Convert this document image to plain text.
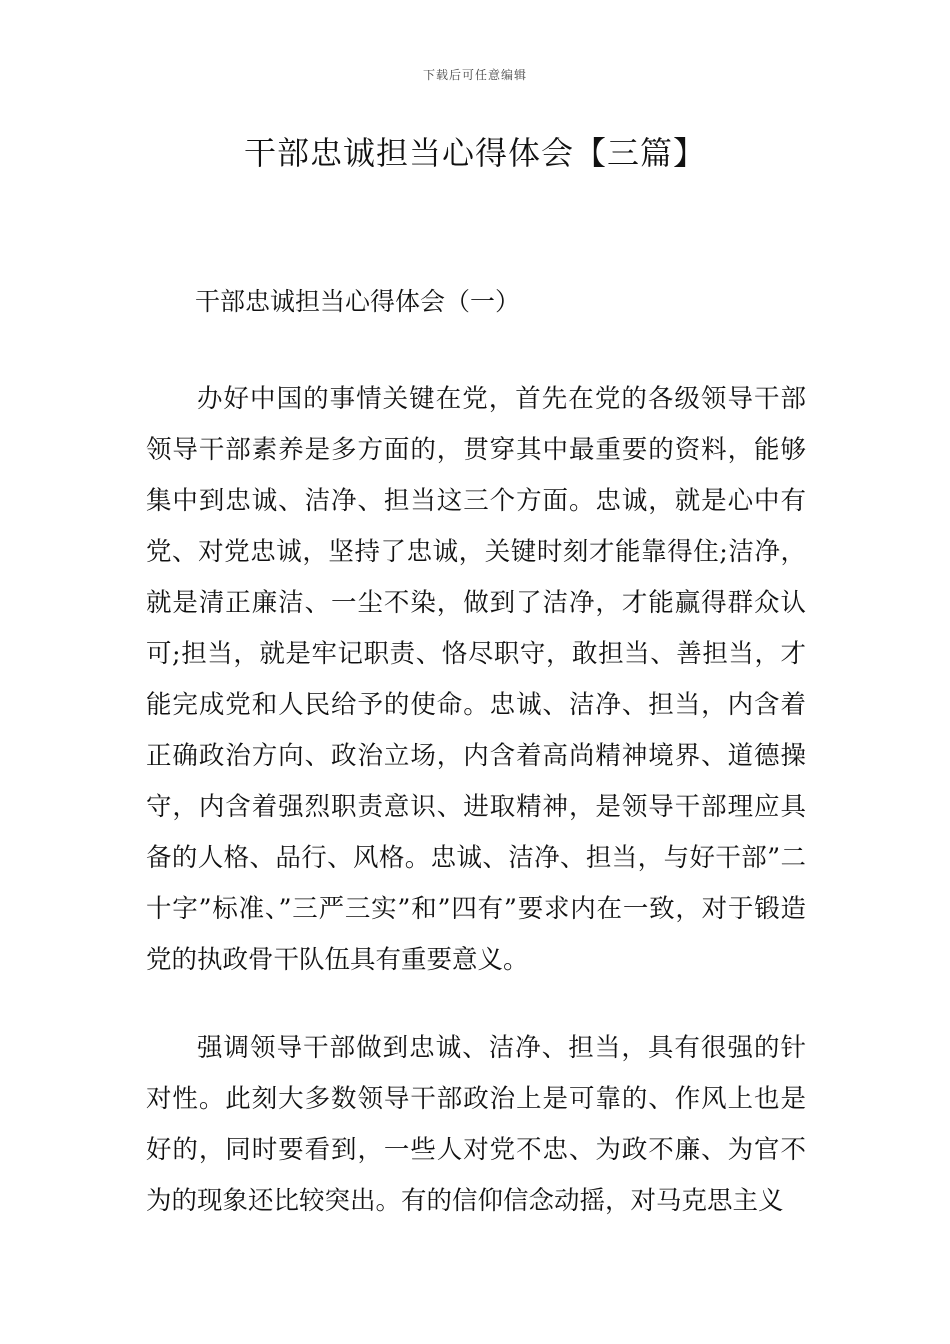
下载后可任意编辑
干部忠诚担当心得体会【三篇】
干部忠诚担当心得体会（一）

办好中国的事情关键在党，首先在党的各级领导干部领导干部素养是多方面的，贯穿其中最重要的资料，能够集中到忠诚、洁净、担当这三个方面。忠诚，就是心中有党、对党忠诚，坚持了忠诚，关键时刻才能靠得住;洁净，就是清正廉洁、一尘不染，做到了洁净，才能赢得群众认可;担当，就是牢记职责、恪尽职守，敢担当、善担当，才能完成党和人民给予的使命。忠诚、洁净、担当，内含着正确政治方向、政治立场，内含着高尚精神境界、道德操守，内含着强烈职责意识、进取精神，是领导干部理应具备的人格、品行、风格。忠诚、洁净、担当，与好干部”二十字”标准、”三严三实”和”四有”要求内在一致，对于锻造党的执政骨干队伍具有重要意义。

强调领导干部做到忠诚、洁净、担当，具有很强的针对性。此刻大多数领导干部政治上是可靠的、作风上也是好的，同时要看到，一些人对党不忠、为政不廉、为官不为的现象还比较突出。有的信仰信念动摇，对马克思主义
